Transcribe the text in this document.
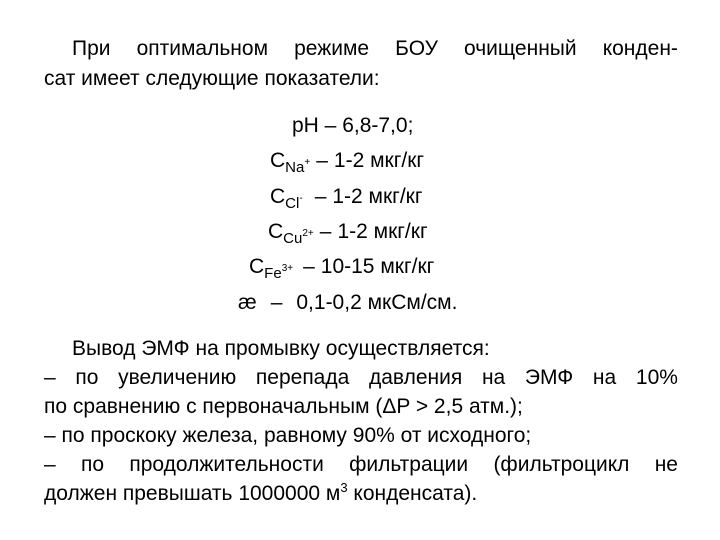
При оптимальном режиме БОУ очищенный конден-
сат имеет следующие показатели:
pH – 6,8-7,0;
$C_{Na}+ - 1-2$ мкг/кг
$C_{Cl}- - 1-2$ мкг/кг
$C_{Cu}2+ - 1-2$ мкг/кг
$C_{Fe}3+ - 10-15$ мкг/кг
æ – 0,1-0,2 мкСм/см.
Вывод ЭМФ на промывку осуществляется:
– по увеличению перепада давления на ЭМФ на 10%
по сравнению с первоначальным (ΔP > 2,5 атм.);
– по проскоку железа, равному 90% от исходного;
– по продолжительности фильтрации (фильтроцикл не
должен превышать 1000000 $м^3$ конденсата).
